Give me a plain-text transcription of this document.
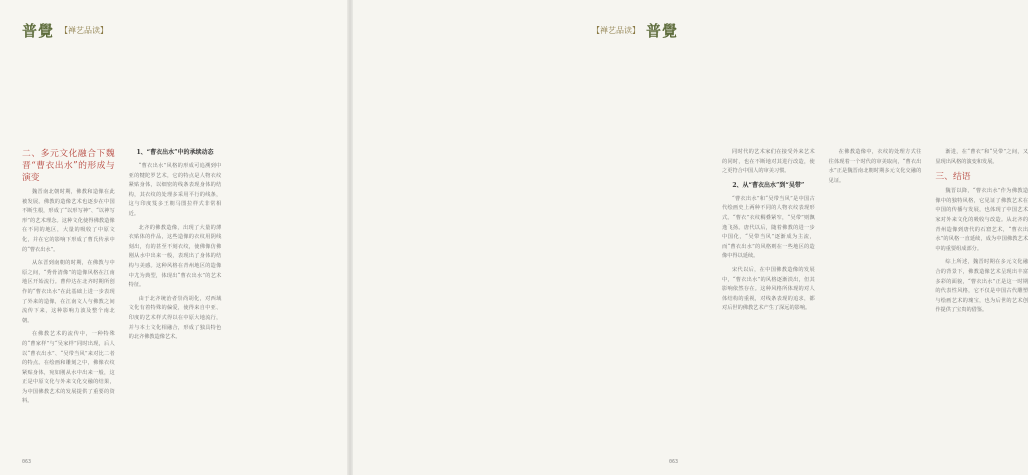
普覺 【禅艺品读】

二、多元文化融合下魏晋“曹衣出水”的形成与演变

魏晋南北朝时期，佛教和造像在此被发展。佛教的造像艺术也逐步在中国不断生根，形成了“以形写神”、“以神写形”的艺术理念。这种文化使得佛教造像在不同的地区，大量的吸收了中原文化，并在它的影响下形成了曹氏传承中的“曹衣出水”。

从东晋到南朝的时期，在佛教与中原之间，“秀骨清像”的造像风格在江南地区开始流行。曹仲达在北齐时期所创作的“曹衣出水”在此基础上进一步表现了外来的造像，在江南文人与佛教之间流传下来，这种影响力波及整个南北朝。

在佛教艺术的流传中，一种特殊的“曹家样”与“吴家样”同时出现，后人以“曹衣出水”、“吴带当风”来对比二者的特点。在绘画和雕刻之中，佛像衣纹紧贴身体，宛如刚从水中出来一般，这正是中原文化与外来文化交融的结果，为中国佛教艺术的发展提供了重要的资料。

1、“曹衣出水”中的承续动态

“曹衣出水”风格的形成可追溯到中亚的犍陀罗艺术，它的特点是人物衣纹紧贴身体，以细密的线条表现身体的结构，其衣纹的处理多采用平行的线条，这与印度笈多王朝马图拉样式非常相近。

北齐的佛教造像，出现了大量的薄衣贴体的作品，这些造像的衣纹用阴线刻出，有的甚至不刻衣纹，使佛像仿佛刚从水中出来一般，表现出了身体的结构与美感。这种风格在青州地区的造像中尤为典型，体现出“曹衣出水”的艺术特征。

由于北齐统治者崇尚胡化，对西域文化有着特殊的偏爱，使得来自中亚、印度的艺术样式得以在中原大地流行，并与本土文化相融合，形成了独具特色的北齐佛教造像艺术。

063
普覺
【禅艺品读】

同时代的艺术家们在接受外来艺术的同时，也在不断地对其进行改造，使之更符合中国人的审美习惯。

2、从“曹衣出水”到“吴带”

“曹衣出水”和“吴带当风”是中国古代绘画史上两种不同的人物衣纹表现形式。“曹衣”衣纹稠叠紧窄，“吴带”则飘逸飞扬。唐代以后，随着佛教的进一步中国化，“吴带当风”逐渐成为主流，而“曹衣出水”的风格则在一些地区的造像中得以延续。

宋代以后，在中国佛教造像的发展中，“曹衣出水”的风格逐渐淡出，但其影响依然存在。这种风格所体现的对人体结构的重视，对线条表现的追求，都对后世的佛教艺术产生了深远的影响。

在佛教造像中，衣纹的处理方式往往体现着一个时代的审美取向，“曹衣出水”正是魏晋南北朝时期多元文化交融的见证。

渐进，在“曹衣”和“吴带”之间，又显现出风格的演变和发展。

三、结语

魏晋以降，“曹衣出水”作为佛教造像中的独特风格，它见证了佛教艺术在中国的传播与发展，也体现了中国艺术家对外来文化的吸收与改造。从北齐的青州造像到唐代的石窟艺术，“曹衣出水”的风格一直延续，成为中国佛教艺术中的重要组成部分。

综上所述，魏晋时期在多元文化融合的背景下，佛教造像艺术呈现出丰富多彩的面貌，“曹衣出水”正是这一时期的代表性风格，它不仅是中国古代雕塑与绘画艺术的瑰宝，也为后世的艺术创作提供了宝贵的借鉴。

063
